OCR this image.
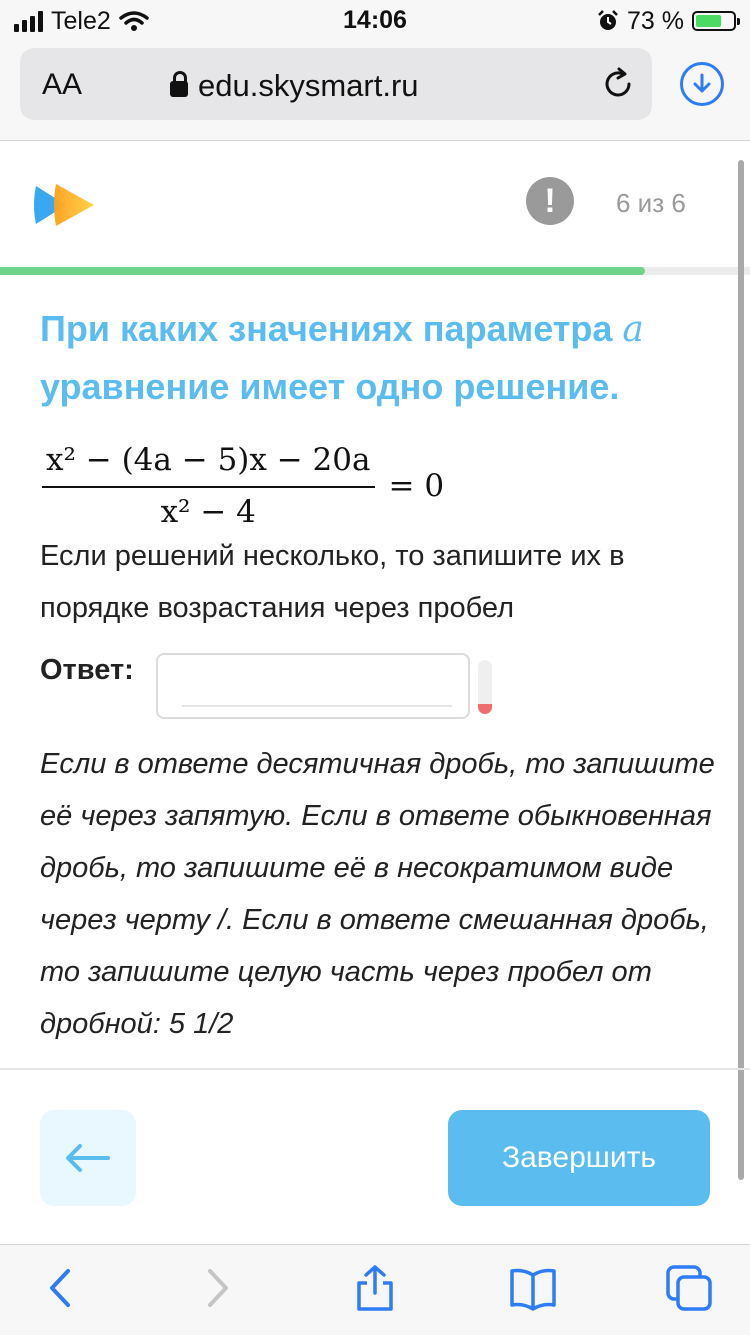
Tele2	14:06	73 %
AA	edu.skysmart.ru
!	6 из 6
При каких значениях параметра a уравнение имеет одно решение.
$\frac{\text{x² − (4a − 5)x − 20a}}{\text{x² − 4}} = 0$
Если решений несколько, то запишите их в порядке возрастания через пробел
Ответ:
Если в ответе десятичная дробь, то запишите её через запятую. Если в ответе обыкновенная дробь, то запишите её в несократимом виде через черту /. Если в ответе смешанная дробь, то запишите целую часть через пробел от дробной: 5 1/2
Завершить
